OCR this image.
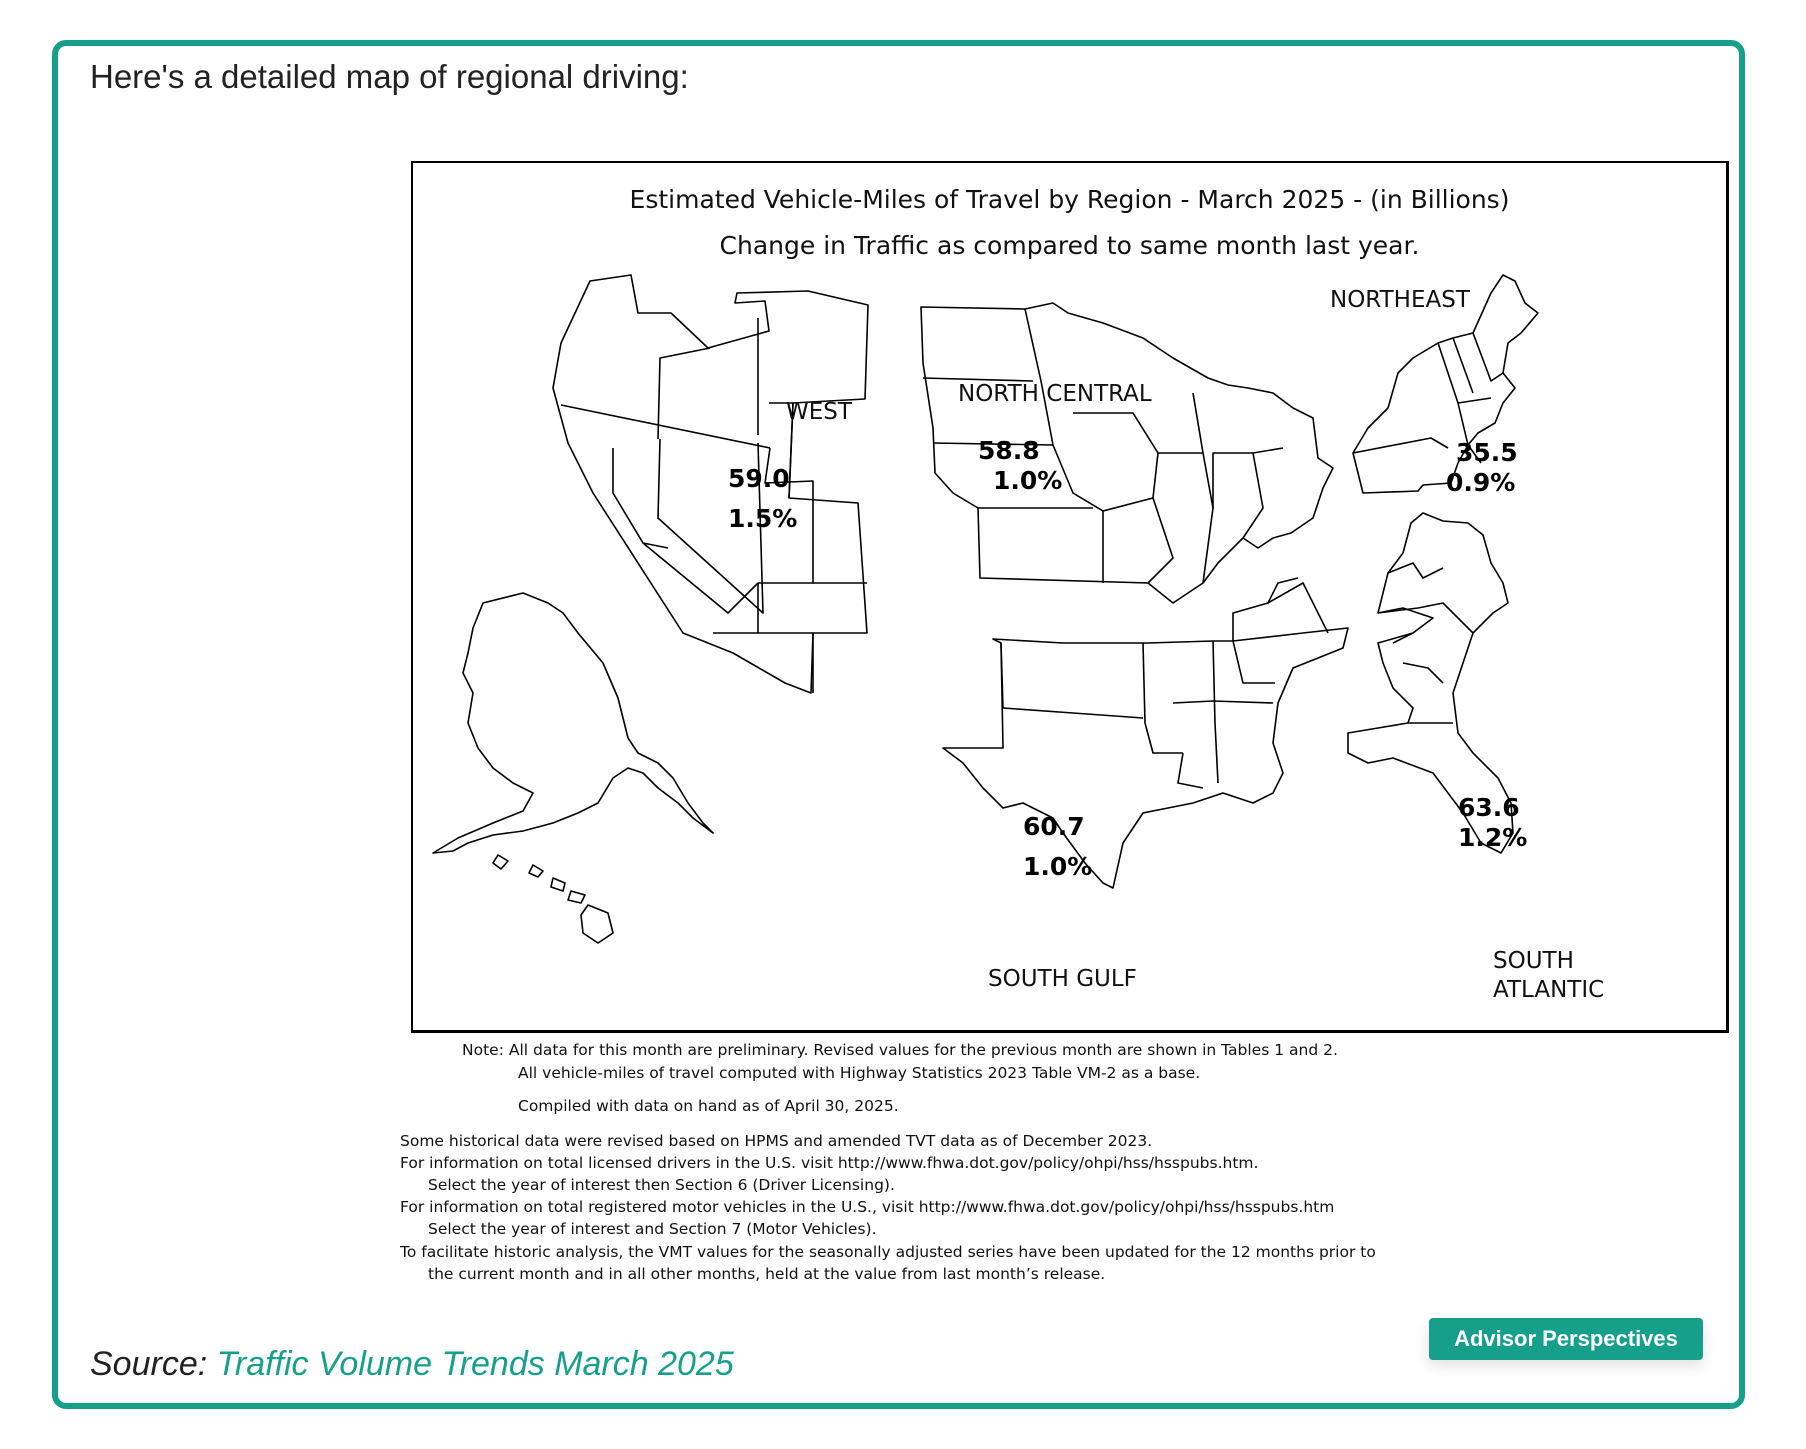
Here's a detailed map of regional driving:
Estimated Vehicle-Miles of Travel by Region - March 2025 - (in Billions)
Change in Traffic as compared to same month last year.
WEST
59.0
1.5%
NORTH CENTRAL
58.8
1.0%
NORTHEAST
35.5
0.9%
SOUTH GULF
60.7
1.0%
SOUTH
ATLANTIC
63.6
1.2%
Note: All data for this month are preliminary. Revised values for the previous month are shown in Tables 1 and 2.
All vehicle-miles of travel computed with Highway Statistics 2023 Table VM-2 as a base.
Compiled with data on hand as of April 30, 2025.
Some historical data were revised based on HPMS and amended TVT data as of December 2023.
For information on total licensed drivers in the U.S. visit http://www.fhwa.dot.gov/policy/ohpi/hss/hsspubs.htm.
Select the year of interest then Section 6 (Driver Licensing).
For information on total registered motor vehicles in the U.S., visit http://www.fhwa.dot.gov/policy/ohpi/hss/hsspubs.htm
Select the year of interest and Section 7 (Motor Vehicles).
To facilitate historic analysis, the VMT values for the seasonally adjusted series have been updated for the 12 months prior to
the current month and in all other months, held at the value from last month’s release.
Source: Traffic Volume Trends March 2025
Advisor Perspectives
